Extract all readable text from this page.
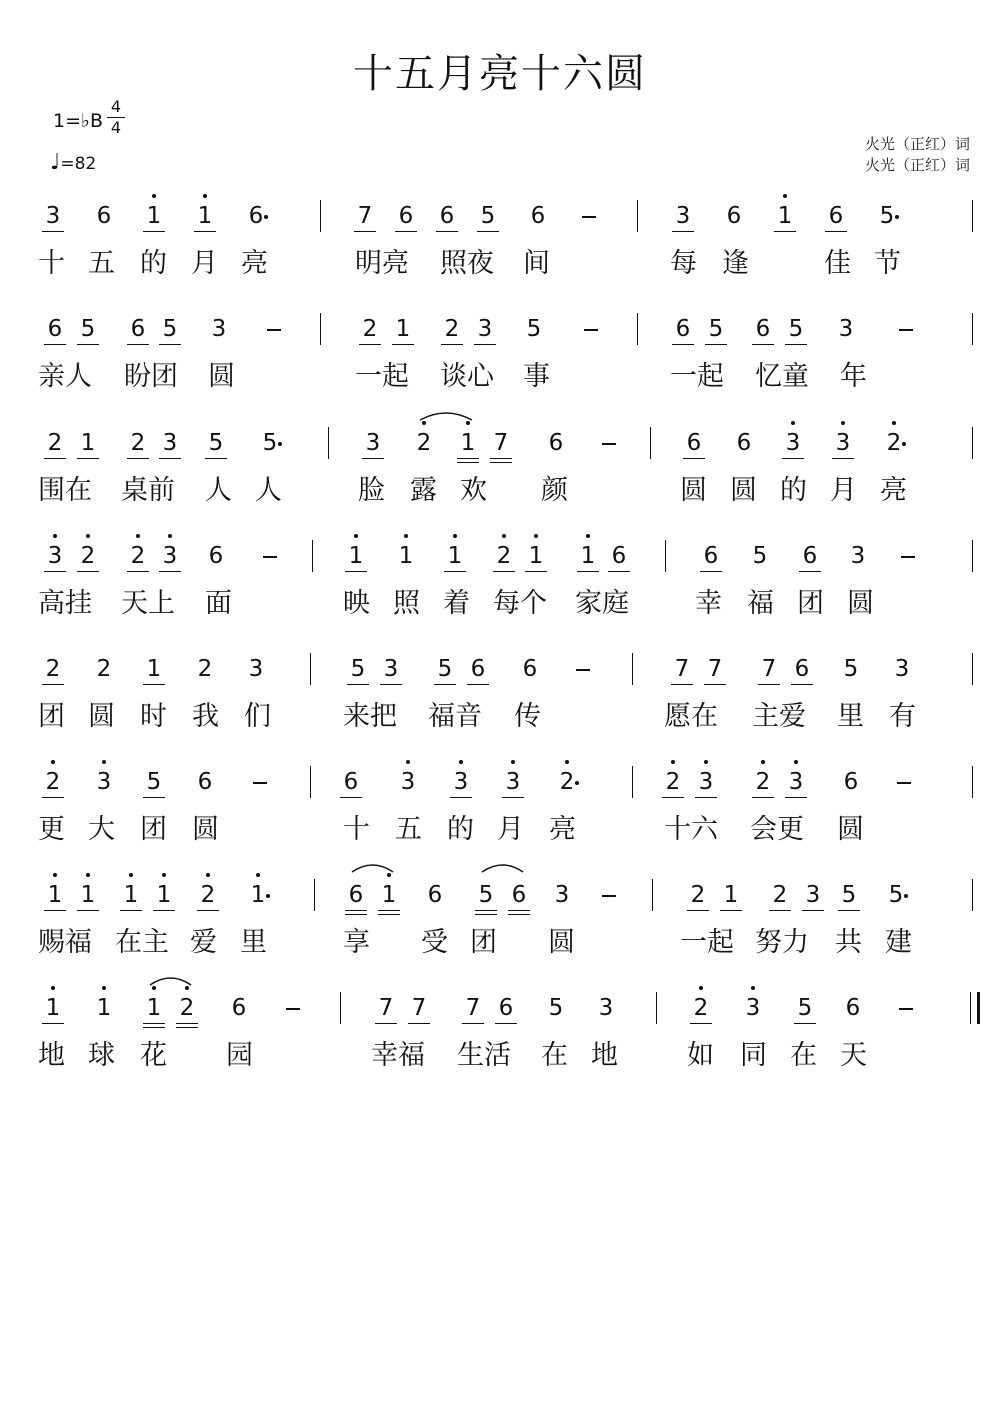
十五月亮十六圆
1=♭B
4
4
♩=82
火光（正红）词
火光（正红）词
3 6 1 1 6	7 6 6 5 6	3 6 1 6 5
十 五 的 月 亮	明亮 照夜 间	每 逢	佳 节
6 5 6 5 3	2 1 2 3 5	6 5 6 5 3
亲人 盼团 圆	一起 谈心 事	一起 忆童 年
2 1 2 3 5 5	3 2 1 7 6	6 6 3 3 2
围在 桌前 人 人	脸 露 欢 颜	圆 圆 的 月 亮
3 2 2 3 6	1 1 1 2 1 1 6	6 5 6 3
高挂 天上 面	映 照 着 每个 家庭 幸 福 团 圆
2 2 1 2 3	5 3 5 6 6	7 7 7 6 5 3
团 圆 时 我 们	来把 福音 传	愿在 主爱 里 有
2 3 5 6	6 3 3 3 2	2 3 2 3 6
更 大 团 圆	十 五 的 月 亮	十六 会更 圆
1 1 1 1 2 1	6 1 6 5 6 3	2 1 2 3 5 5
赐福 在主 爱 里	享 受 团 圆	一起 努力 共 建
1 1 1 2 6	7 7 7 6 5 3	2 3 5 6
地 球 花 园	幸福 生活 在 地	如 同 在 天
